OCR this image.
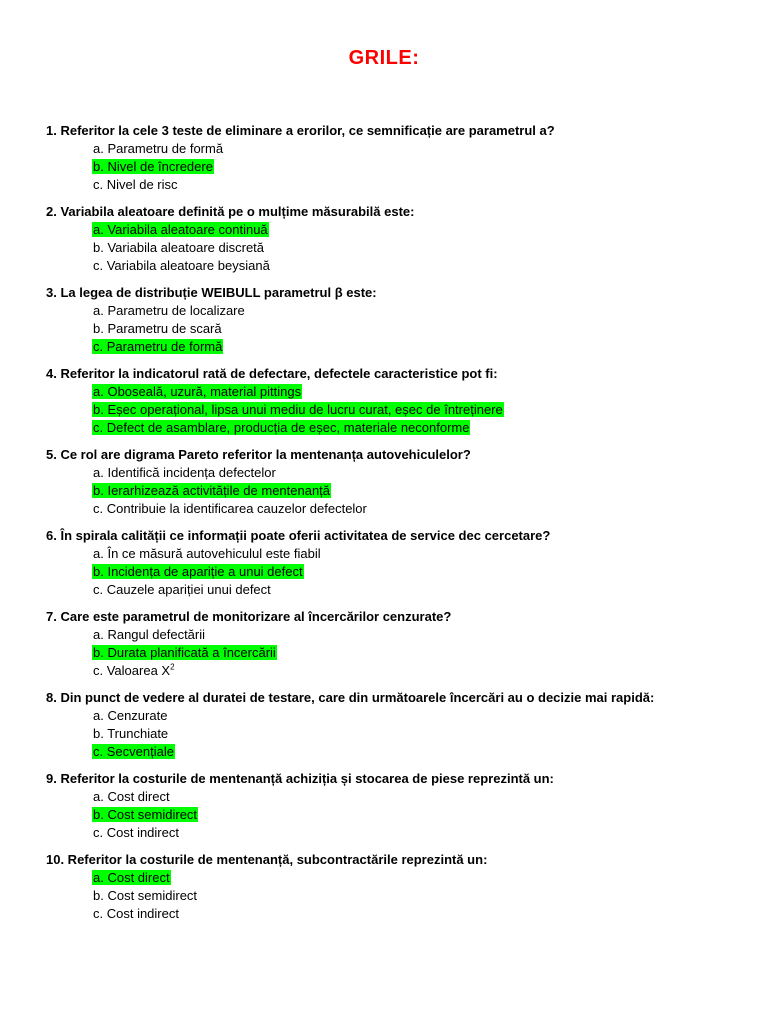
GRILE:
1. Referitor la cele 3 teste de eliminare a erorilor, ce semnificație are parametrul a?
a. Parametru de formă
b. Nivel de încredere
c. Nivel de risc
2. Variabila aleatoare definită pe o mulțime măsurabilă este:
a. Variabila aleatoare continuă
b. Variabila aleatoare discretă
c. Variabila aleatoare beysiană
3. La legea de distribuție WEIBULL parametrul β este:
a. Parametru de localizare
b. Parametru de scară
c. Parametru de formă
4. Referitor la indicatorul rată de defectare, defectele caracteristice pot fi:
a. Oboseală, uzură, material pittings
b. Eșec operațional, lipsa unui mediu de lucru curat, eșec de întreținere
c. Defect de asamblare, producția de eșec, materiale neconforme
5. Ce rol are digrama Pareto referitor la mentenanța autovehiculelor?
a. Identifică incidența defectelor
b. Ierarhizează activitățile de mentenanță
c. Contribuie la identificarea cauzelor defectelor
6. În spirala calității ce informații poate oferii activitatea de service dec cercetare?
a. În ce măsură autovehiculul este fiabil
b. Incidența de apariție a unui defect
c. Cauzele apariției unui defect
7. Care este parametrul de monitorizare al încercărilor cenzurate?
a. Rangul defectării
b. Durata planificată a încercării
c. Valoarea $X^2$
8. Din punct de vedere al duratei de testare, care din următoarele încercări au o decizie mai rapidă:
a. Cenzurate
b. Trunchiate
c. Secvențiale
9. Referitor la costurile de mentenanță achiziția și stocarea de piese reprezintă un:
a. Cost direct
b. Cost semidirect
c. Cost indirect
10. Referitor la costurile de mentenanță, subcontractările reprezintă un:
a. Cost direct
b. Cost semidirect
c. Cost indirect
